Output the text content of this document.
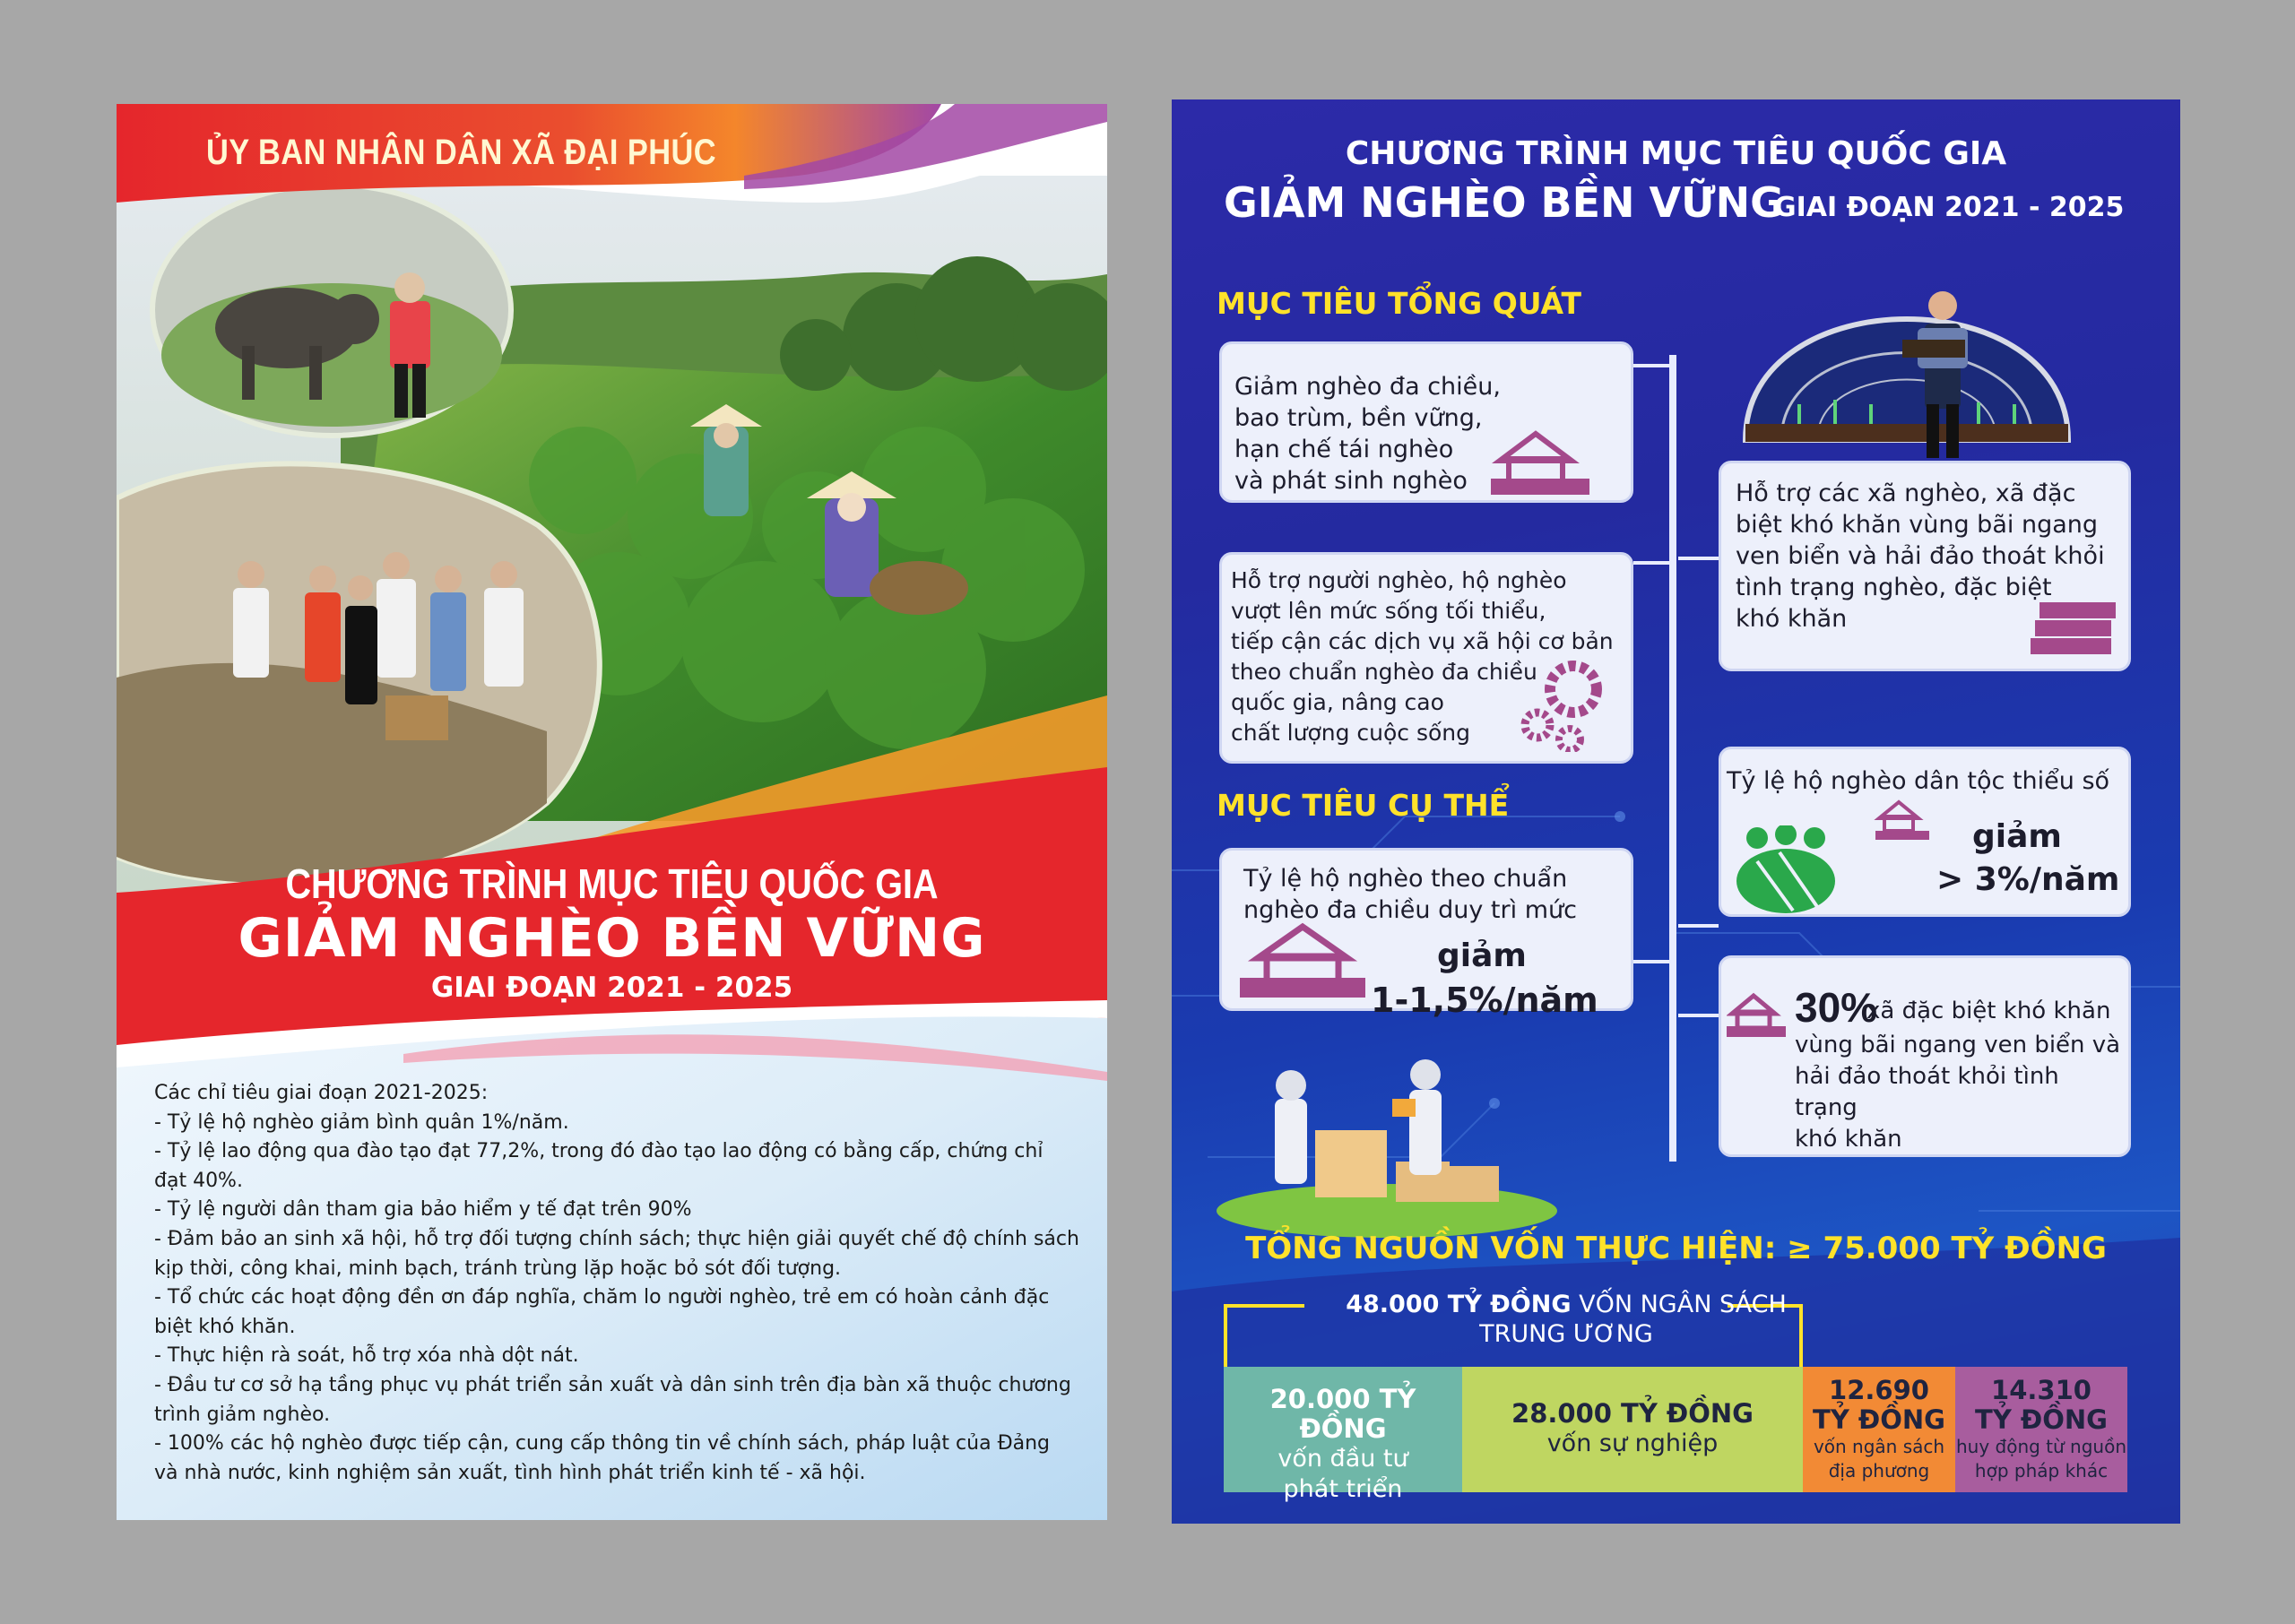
ỦY BAN NHÂN DÂN XÃ ĐẠI PHÚC
CHƯƠNG TRÌNH MỤC TIÊU QUỐC GIA
GIẢM NGHÈO BỀN VỮNG
GIAI ĐOẠN 2021 - 2025

Các chỉ tiêu giai đoạn 2021-2025:

- Tỷ lệ hộ nghèo giảm bình quân 1%/năm.

- Tỷ lệ lao động qua đào tạo đạt 77,2%, trong đó đào tạo lao động có bằng cấp, chứng chỉ

đạt 40%.

- Tỷ lệ người dân tham gia bảo hiểm y tế đạt trên 90%

- Đảm bảo an sinh xã hội, hỗ trợ đối tượng chính sách; thực hiện giải quyết chế độ chính sách

kịp thời, công khai, minh bạch, tránh trùng lặp hoặc bỏ sót đối tượng.

- Tổ chức các hoạt động đền ơn đáp nghĩa, chăm lo người nghèo, trẻ em có hoàn cảnh đặc

biệt khó khăn.

- Thực hiện rà soát, hỗ trợ xóa nhà dột nát.

- Đầu tư cơ sở hạ tầng phục vụ phát triển sản xuất và dân sinh trên địa bàn xã thuộc chương

trình giảm nghèo.

- 100% các hộ nghèo được tiếp cận, cung cấp thông tin về chính sách, pháp luật của Đảng

và nhà nước, kinh nghiệm sản xuất, tình hình phát triển kinh tế - xã hội.

CHƯƠNG TRÌNH MỤC TIÊU QUỐC GIA
GIẢM NGHÈO BỀN VỮNG
GIAI ĐOẠN 2021 - 2025
MỤC TIÊU TỔNG QUÁT
MỤC TIÊU CỤ THỂ
Giảm nghèo đa chiều,
bao trùm, bền vững,
hạn chế tái nghèo
và phát sinh nghèo
Hỗ trợ người nghèo, hộ nghèo
vượt lên mức sống tối thiểu,
tiếp cận các dịch vụ xã hội cơ bản
theo chuẩn nghèo đa chiều
quốc gia, nâng cao
chất lượng cuộc sống
Hỗ trợ các xã nghèo, xã đặc
biệt khó khăn vùng bãi ngang
ven biển và hải đảo thoát khỏi
tình trạng nghèo, đặc biệt
khó khăn
Tỷ lệ hộ nghèo theo chuẩn
nghèo đa chiều duy trì mức
giảm
1-1,5%/năm
Tỷ lệ hộ nghèo dân tộc thiểu số
giảm
> 3%/năm
30%
xã đặc biệt khó khăn
vùng bãi ngang ven biển và
hải đảo thoát khỏi tình trạng
khó khăn
TỔNG NGUỒN VỐN THỰC HIỆN: ≥ 75.000 TỶ ĐỒNG
48.000 TỶ ĐỒNG VỐN NGÂN SÁCH
TRUNG ƯƠNG
20.000 TỶ ĐỒNG
vốn đầu tư
phát triển
28.000 TỶ ĐỒNG
vốn sự nghiệp
12.690
TỶ ĐỒNG
vốn ngân sách
địa phương
14.310
TỶ ĐỒNG
huy động từ nguồn
hợp pháp khác
